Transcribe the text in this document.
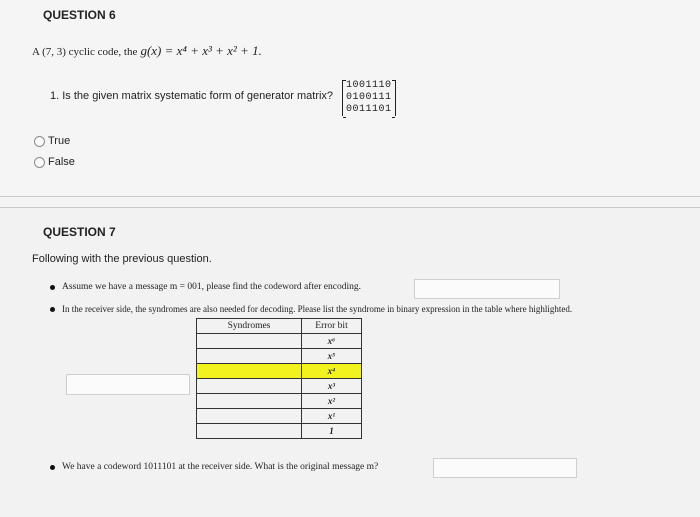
QUESTION 6
A (7, 3) cyclic code, the g(x) = x⁴ + x³ + x² + 1.
1. Is the given matrix systematic form of generator matrix?
1001110
0100111
0011101
True
False
QUESTION 7
Following with the previous question.
Assume we have a message m = 001, please find the codeword after encoding.
In the receiver side, the syndromes are also needed for decoding. Please list the syndrome in binary expression in the table where highlighted.
Syndromes	Error bit
	x⁶
	x⁵
	x⁴
	x³
	x²
	x¹
	1
We have a codeword 1011101 at the receiver side. What is the original message m?
